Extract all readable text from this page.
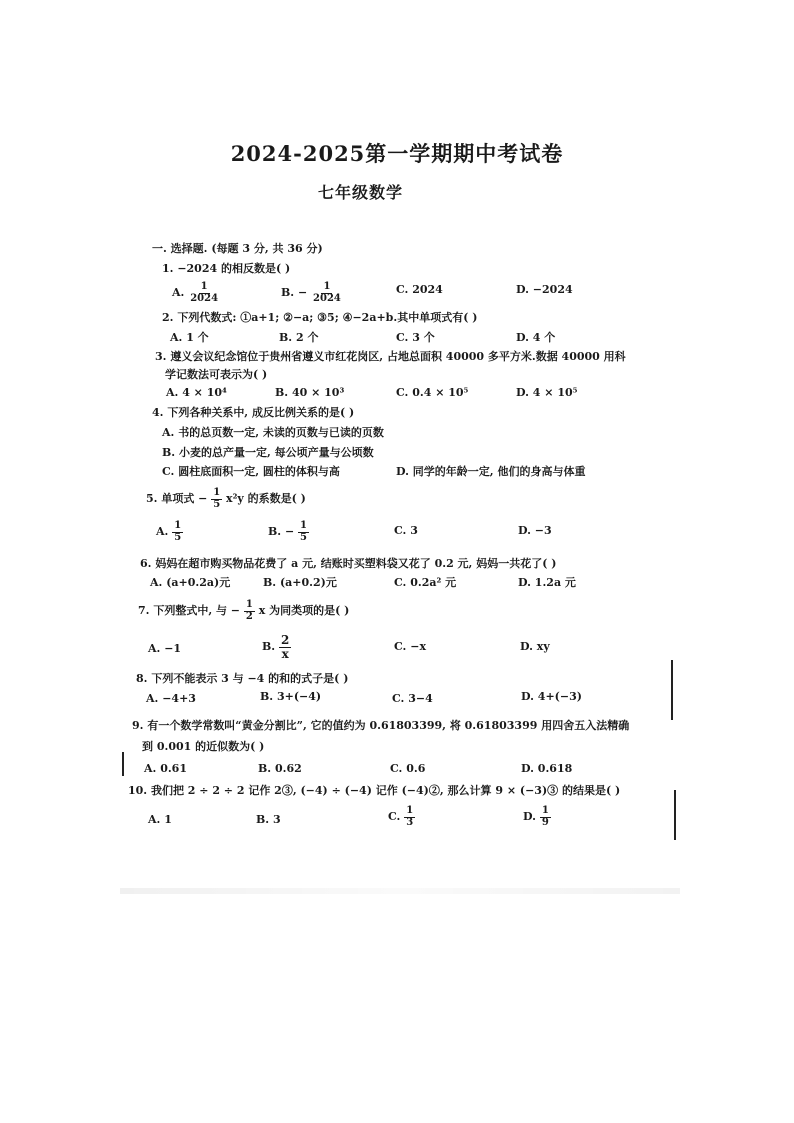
2024-2025第一学期期中考试卷
七年级数学
一. 选择题. (每题 3 分, 共 36 分)
1. −2024 的相反数是( )
A. $\frac{1}{2024}$	B. − $\frac{1}{2024}$	C. 2024	D. −2024
2. 下列代数式: ①a+1; ②−a; ③5; ④−2a+b.其中单项式有( )
A. 1 个	B. 2 个	C. 3 个	D. 4 个
3. 遵义会议纪念馆位于贵州省遵义市红花岗区, 占地总面积 40000 多平方米.数据 40000 用科
学记数法可表示为( )
A. 4 × 10⁴	B. 40 × 10³	C. 0.4 × 10⁵	D. 4 × 10⁵
4. 下列各种关系中, 成反比例关系的是( )
A. 书的总页数一定, 未读的页数与已读的页数
B. 小麦的总产量一定, 每公顷产量与公顷数
C. 圆柱底面积一定, 圆柱的体积与高	D. 同学的年龄一定, 他们的身高与体重
5. 单项式 − $\frac{1}{5} x^2y$ 的系数是( )
A. $\frac{1}{5}$	B. − $\frac{1}{5}$	C. 3	D. −3
6. 妈妈在超市购买物品花费了 a 元, 结账时买塑料袋又花了 0.2 元, 妈妈一共花了( )
A. (a+0.2a)元	B. (a+0.2)元	C. 0.2a² 元	D. 1.2a 元
7. 下列整式中, 与 − $\frac{1}{2}$ x 为同类项的是( )
A. −1	B. $\frac{2}{x}$	C. −x	D. xy
8. 下列不能表示 3 与 −4 的和的式子是( )
A. −4+3	B. 3+(−4)	C. 3−4	D. 4+(−3)
9. 有一个数学常数叫“黄金分割比”, 它的值约为 0.61803399, 将 0.61803399 用四舍五入法精确
到 0.001 的近似数为( )
A. 0.61	B. 0.62	C. 0.6	D. 0.618
10. 我们把 2 ÷ 2 ÷ 2 记作 2③, (−4) ÷ (−4) 记作 (−4)②, 那么计算 9 × (−3)③ 的结果是( )
A. 1	B. 3	C. $\frac{1}{3}$	D. $\frac{1}{9}$
